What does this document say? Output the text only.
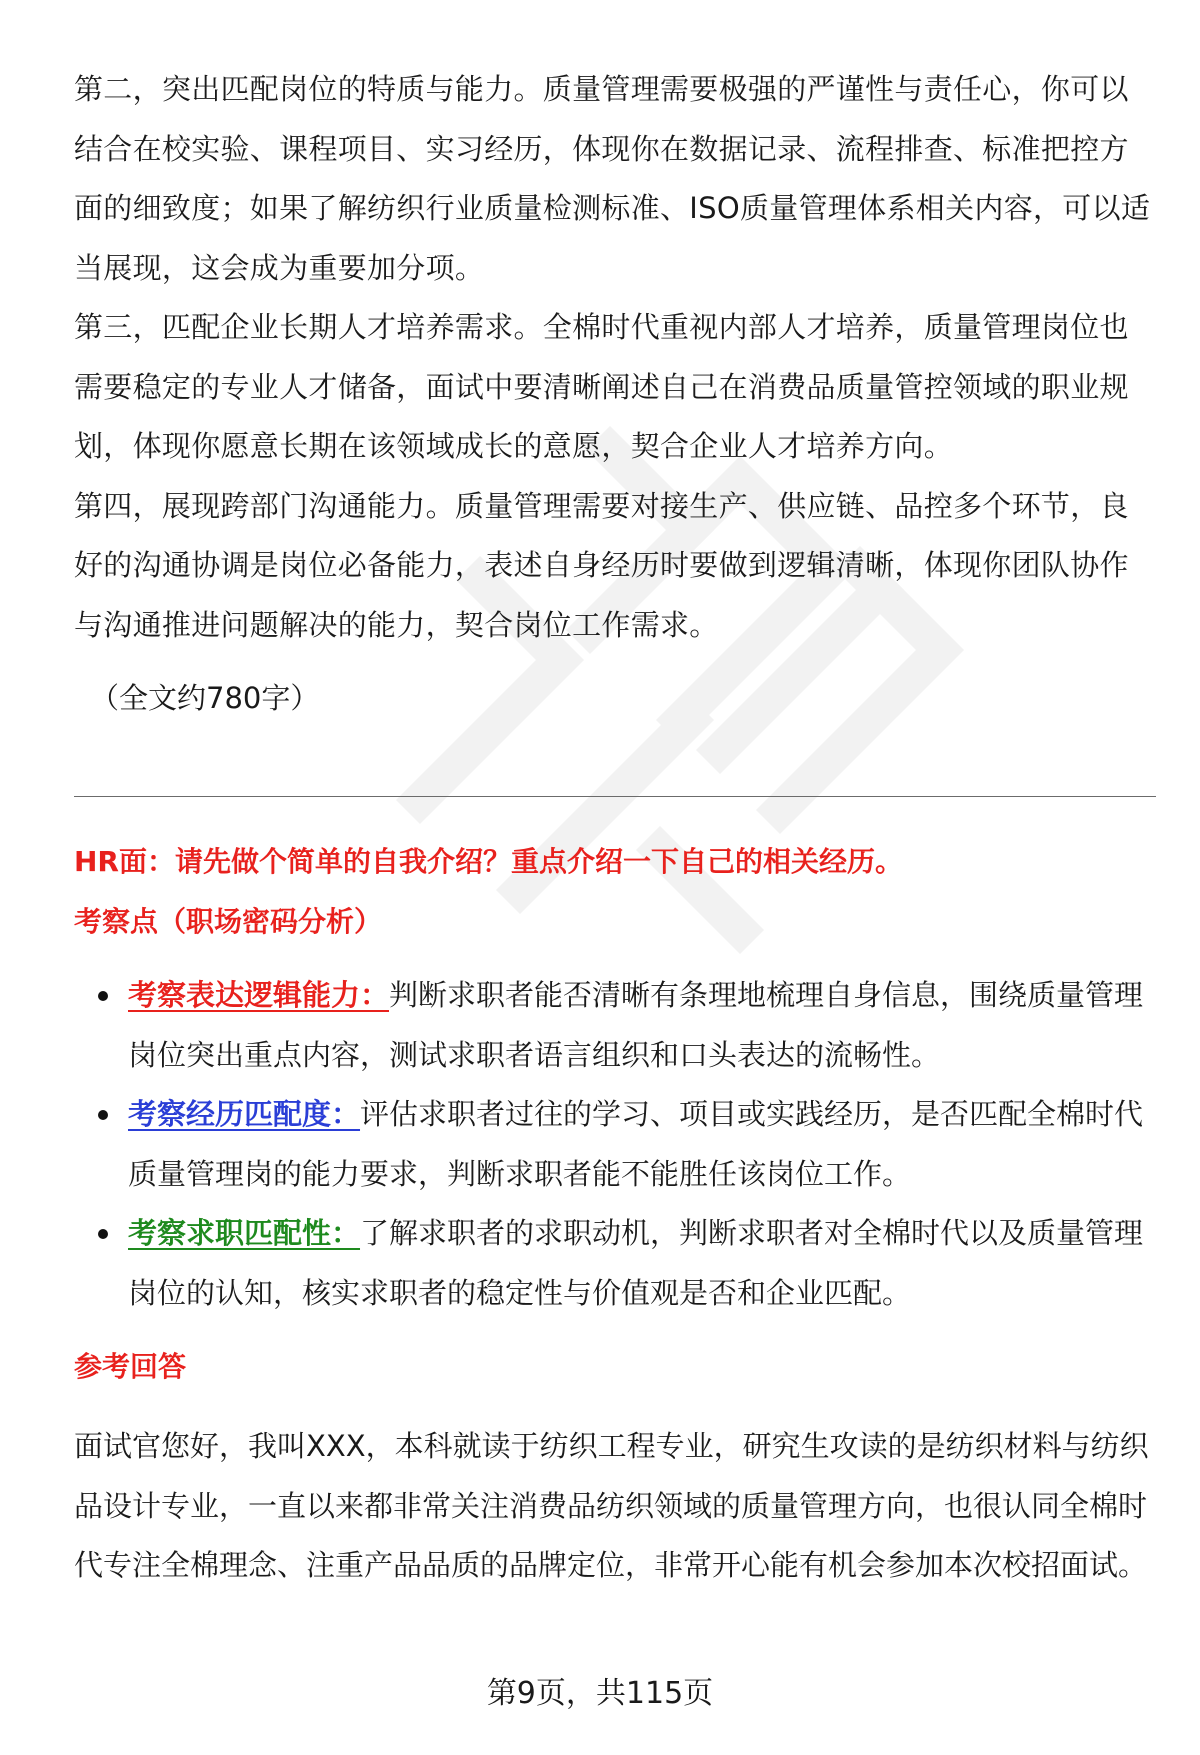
第二，突出匹配岗位的特质与能力。质量管理需要极强的严谨性与责任心，你可以结合在校实验、课程项目、实习经历，体现你在数据记录、流程排查、标准把控方面的细致度；如果了解纺织行业质量检测标准、ISO质量管理体系相关内容，可以适当展现，这会成为重要加分项。

第三，匹配企业长期人才培养需求。全棉时代重视内部人才培养，质量管理岗位也需要稳定的专业人才储备，面试中要清晰阐述自己在消费品质量管控领域的职业规划，体现你愿意长期在该领域成长的意愿，契合企业人才培养方向。

第四，展现跨部门沟通能力。质量管理需要对接生产、供应链、品控多个环节，良好的沟通协调是岗位必备能力，表述自身经历时要做到逻辑清晰，体现你团队协作与沟通推进问题解决的能力，契合岗位工作需求。

（全文约780字）

HR面：请先做个简单的自我介绍？重点介绍一下自己的相关经历。

考察点（职场密码分析）

考察表达逻辑能力：判断求职者能否清晰有条理地梳理自身信息，围绕质量管理岗位突出重点内容，测试求职者语言组织和口头表达的流畅性。
考察经历匹配度：评估求职者过往的学习、项目或实践经历，是否匹配全棉时代质量管理岗的能力要求，判断求职者能不能胜任该岗位工作。
考察求职匹配性：了解求职者的求职动机，判断求职者对全棉时代以及质量管理岗位的认知，核实求职者的稳定性与价值观是否和企业匹配。

参考回答

面试官您好，我叫XXX，本科就读于纺织工程专业，研究生攻读的是纺织材料与纺织品设计专业，一直以来都非常关注消费品纺织领域的质量管理方向，也很认同全棉时代专注全棉理念、注重产品品质的品牌定位，非常开心能有机会参加本次校招面试。

第9页，共115页
